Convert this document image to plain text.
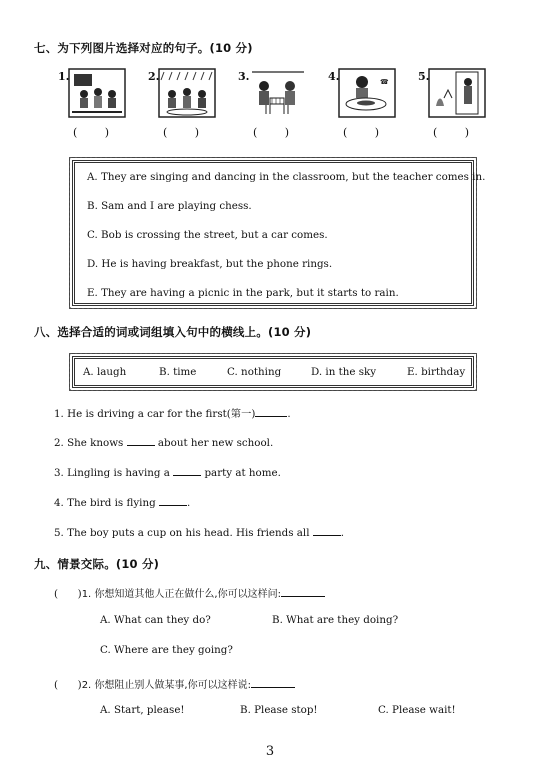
七、为下列图片选择对应的句子。(10 分)
1.
( )
2.
( )
3.
( )
4.	☎
( )
5.
( )
A. They are singing and dancing in the classroom, but the teacher comes in.
B. Sam and I are playing chess.
C. Bob is crossing the street, but a car comes.
D. He is having breakfast, but the phone rings.
E. They are having a picnic in the park, but it starts to rain.
八、选择合适的词或词组填入句中的横线上。(10 分)
A. laugh	B. time	C. nothing	D. in the sky	E. birthday
1. He is driving a car for the first(第一)	.
2. She knows	about her new school.
3. Lingling is having a	party at home.
4. The bird is flying	.
5. The boy puts a cup on his head. His friends all	.
九、情景交际。(10 分)
(      )1. 你想知道其他人正在做什么,你可以这样问:
A. What can they do?	B. What are they doing?
C. Where are they going?
(      )2. 你想阻止别人做某事,你可以这样说:
A. Start, please!	B. Please stop!	C. Please wait!
3
